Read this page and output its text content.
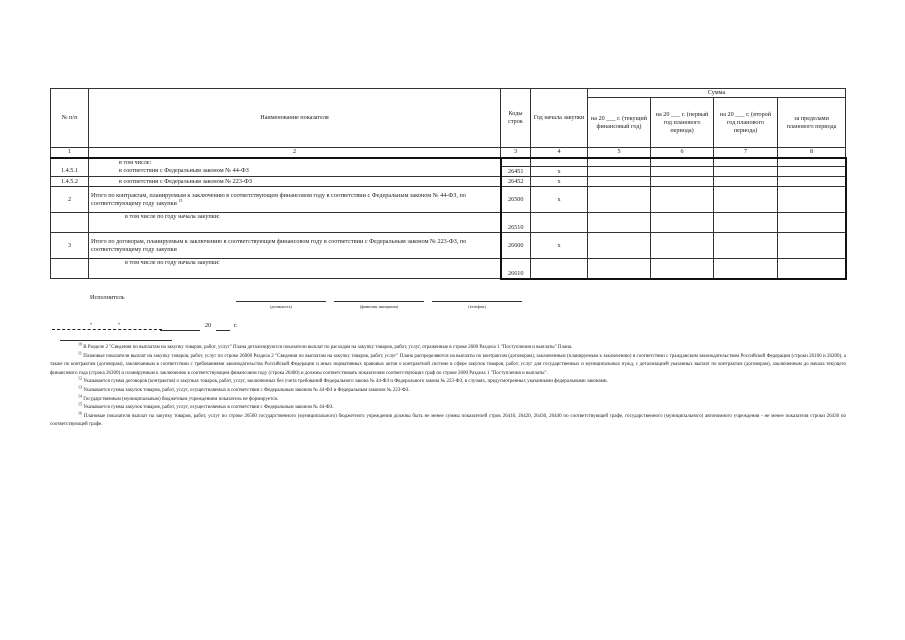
№ п/п	Наименование показателя	Коды строк	Год начала закупки	Сумма			
				на 20 ___ г. (текущий финансовый год)	на 20 ___ г. (первый год планового периода)	на 20 ___ г. (второй год планового периода)	за пределами планового периода
1	2	3	4	5	6	7	8
	в том числе:						
1.4.5.1	в соответствии с Федеральным законом № 44-ФЗ	26451	х				
1.4.5.2	в соответствии с Федеральным законом № 223-ФЗ	26452	х				
2	Итого по контрактам, планируемым к заключению в соответствующем финансовом году в соответствии с Федеральным законом № 44-ФЗ, по соответствующему году закупки $^{15}$	26500	х				
	в том числе по году начала закупки:	26510					
3	Итого по договорам, планируемым к заключению в соответствующем финансовом году в соответствии с Федеральным законом № 223-ФЗ, по соответствующему году закупки	26600	х				
	в том числе по году начала закупки:	26610					
Исполнитель
(должность)	(фамилия, инициалы)	(телефон)
"	"	20	г.

$^{10}$ В Разделе 2 "Сведения по выплатам на закупку товаров, работ, услуг" Плана детализируются показатели выплат по расходам на закупку товаров, работ, услуг, отраженные в строке 2600 Раздела 1 "Поступления и выплаты" Плана.

$^{11}$ Плановые показатели выплат на закупку товаров, работ, услуг по строке 26000 Раздела 2 "Сведения по выплатам на закупку товаров, работ, услуг" Плана распределяются на выплаты по контрактам (договорам), заключенным (планируемым к заключению) в соответствии с гражданским законодательством Российской Федерации (строки 26100 и 26200), а также по контрактам (договорам), заключаемым в соответствии с требованиями законодательства Российской Федерации и иных нормативных правовых актов о контрактной системе в сфере закупок товаров, работ, услуг для государственных и муниципальных нужд, с детализацией указанных выплат по контрактам (договорам), заключенным до начала текущего финансового года (строка 26300) и планируемым к заключению в соответствующем финансовом году (строка 26400) и должны соответствовать показателям соответствующих граф по строке 2600 Раздела 1 "Поступления и выплаты".

$^{12}$ Указывается сумма договоров (контрактов) о закупках товаров, работ, услуг, заключенных без учета требований Федерального закона № 44-ФЗ и Федерального закона № 223-ФЗ, в случаях, предусмотренных указанными федеральными законами.

$^{13}$ Указывается сумма закупок товаров, работ, услуг, осуществляемых в соответствии с Федеральным законом № 44-ФЗ и Федеральным законом № 223-ФЗ.

$^{14}$ Государственным (муниципальным) бюджетным учреждением показатель не формируется.

$^{15}$ Указывается сумма закупок товаров, работ, услуг, осуществляемых в соответствии с Федеральным законом № 44-ФЗ.

$^{16}$ Плановые показатели выплат на закупку товаров, работ, услуг по строке 26500 государственного (муниципального) бюджетного учреждения должны быть не менее суммы показателей строк 26410, 26420, 26430, 26440 по соответствующей графе, государственного (муниципального) автономного учреждения - не менее показателя строки 26430 по соответствующей графе.
